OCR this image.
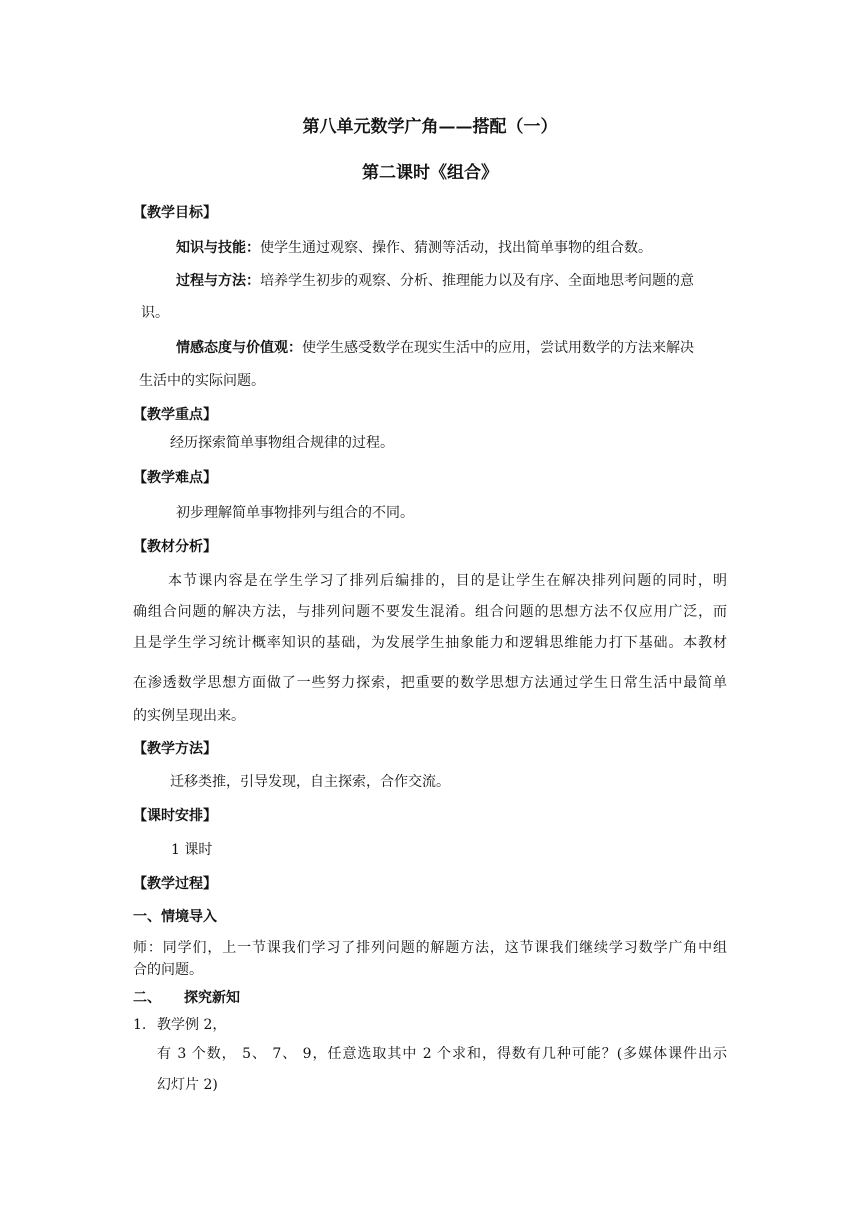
第八单元数学广角——搭配（一）
第二课时《组合》
【教学目标】
知识与技能：使学生通过观察、操作、猜测等活动，找出简单事物的组合数。
过程与方法：培养学生初步的观察、分析、推理能力以及有序、全面地思考问题的意
识。
情感态度与价值观：使学生感受数学在现实生活中的应用，尝试用数学的方法来解决
生活中的实际问题。
【教学重点】
经历探索简单事物组合规律的过程。
【教学难点】
初步理解简单事物排列与组合的不同。
【教材分析】
本节课内容是在学生学习了排列后编排的，目的是让学生在解决排列问题的同时，明
确组合问题的解决方法，与排列问题不要发生混淆。组合问题的思想方法不仅应用广泛，而
且是学生学习统计概率知识的基础，为发展学生抽象能力和逻辑思维能力打下基础。本教材
在渗透数学思想方面做了一些努力探索，把重要的数学思想方法通过学生日常生活中最简单
的实例呈现出来。
【教学方法】
迁移类推，引导发现，自主探索，合作交流。
【课时安排】
1 课时
【教学过程】
一、情境导入
师：同学们，上一节课我们学习了排列问题的解题方法，这节课我们继续学习数学广角中组
合的问题。
二、 探究新知
1. 教学例 2，
有 3 个数， 5、 7、 9，任意选取其中 2 个求和，得数有几种可能？(多媒体课件出示
幻灯片 2)
